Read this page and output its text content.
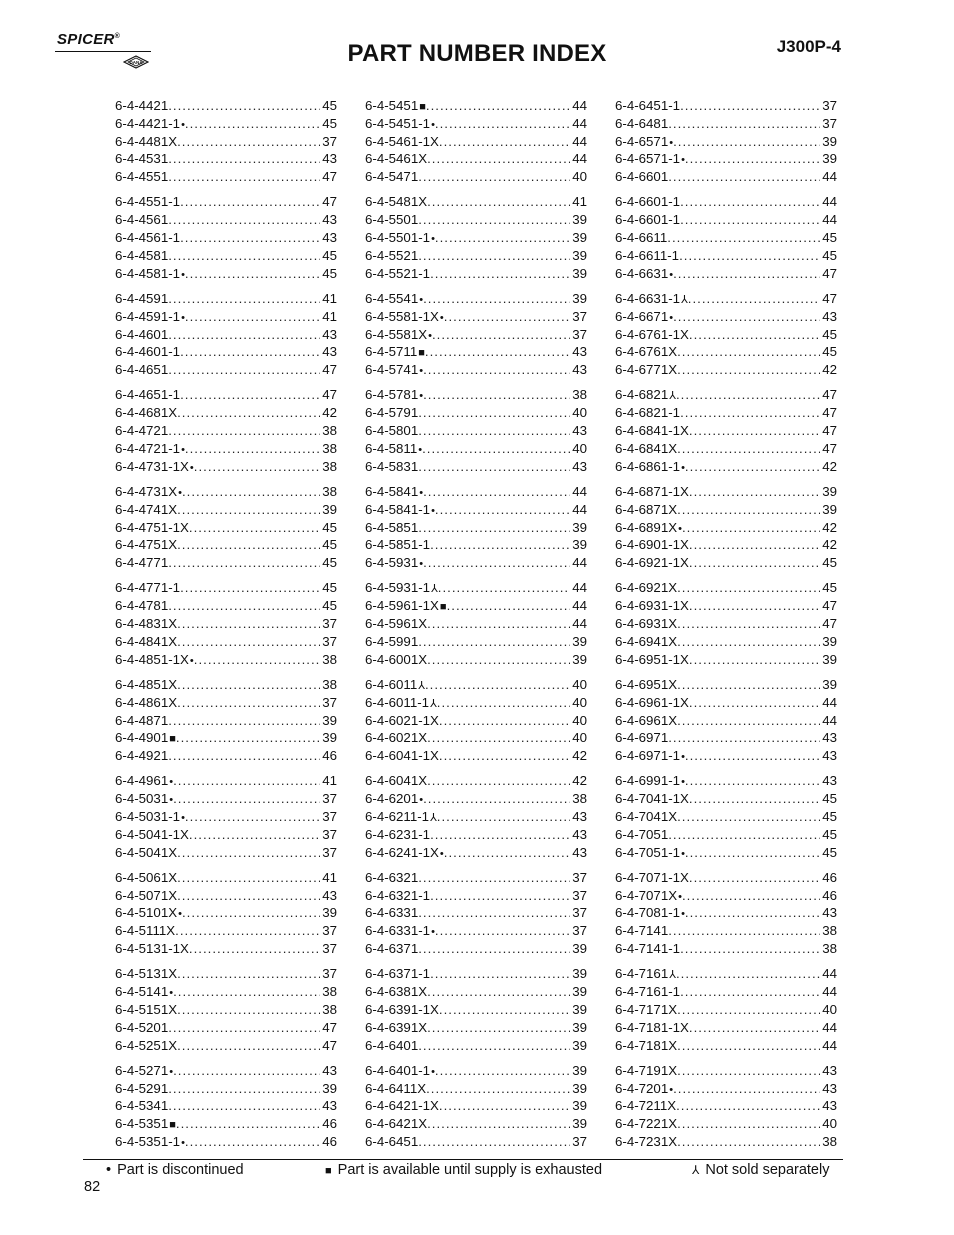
SPICER®
DANA	PART NUMBER INDEX	J300P-4
6-4-4421 . . .	45
6-4-4421-1 • . . .	45
6-4-4481X . . .	37
6-4-4531 . . .	43
6-4-4551 . . .	47
6-4-4551-1 . . .	47
6-4-4561 . . .	43
6-4-4561-1 . . .	43
6-4-4581 . . .	45
6-4-4581-1 • . . .	45
6-4-4591 . . .	41
6-4-4591-1 • . . .	41
6-4-4601 . . .	43
6-4-4601-1 . . .	43
6-4-4651 . . .	47
6-4-4651-1 . . .	47
6-4-4681X . . .	42
6-4-4721 . . .	38
6-4-4721-1 • . . .	38
6-4-4731-1X • . . .	38
6-4-4731X • . . .	38
6-4-4741X . . .	39
6-4-4751-1X . . .	45
6-4-4751X . . .	45
6-4-4771 . . .	45
6-4-4771-1 . . .	45
6-4-4781 . . .	45
6-4-4831X . . .	37
6-4-4841X . . .	37
6-4-4851-1X • . . .	38
6-4-4851X . . .	38
6-4-4861X . . .	37
6-4-4871 . . .	39
6-4-4901 ■ . . .	39
6-4-4921 . . .	46
6-4-4961 • . . .	41
6-4-5031 • . . .	37
6-4-5031-1 • . . .	37
6-4-5041-1X . . .	37
6-4-5041X . . .	37
6-4-5061X . . .	41
6-4-5071X . . .	43
6-4-5101X • . . .	39
6-4-5111X . . .	37
6-4-5131-1X . . .	37
6-4-5131X . . .	37
6-4-5141 • . . .	38
6-4-5151X . . .	38
6-4-5201 . . .	47
6-4-5251X . . .	47
6-4-5271 • . . .	43
6-4-5291 . . .	39
6-4-5341 . . .	43
6-4-5351 ■ . . .	46
6-4-5351-1 • . . .	46
6-4-5451 ■ . . .	44
6-4-5451-1 • . . .	44
6-4-5461-1X . . .	44
6-4-5461X . . .	44
6-4-5471 . . .	40
6-4-5481X . . .	41
6-4-5501 . . .	39
6-4-5501-1 • . . .	39
6-4-5521 . . .	39
6-4-5521-1 . . .	39
6-4-5541 • . . .	39
6-4-5581-1X • . . .	37
6-4-5581X • . . .	37
6-4-5711 ■ . . .	43
6-4-5741 • . . .	43
6-4-5781 • . . .	38
6-4-5791 . . .	40
6-4-5801 . . .	43
6-4-5811 • . . .	40
6-4-5831 . . .	43
6-4-5841 • . . .	44
6-4-5841-1 • . . .	44
6-4-5851 . . .	39
6-4-5851-1 . . .	39
6-4-5931 • . . .	44
6-4-5931-1 ⅄ . . .	44
6-4-5961-1X ■ . . .	44
6-4-5961X . . .	44
6-4-5991 . . .	39
6-4-6001X . . .	39
6-4-6011 ⅄ . . .	40
6-4-6011-1 ⅄ . . .	40
6-4-6021-1X . . .	40
6-4-6021X . . .	40
6-4-6041-1X . . .	42
6-4-6041X . . .	42
6-4-6201 • . . .	38
6-4-6211-1 ⅄ . . .	43
6-4-6231-1 . . .	43
6-4-6241-1X • . . .	43
6-4-6321 . . .	37
6-4-6321-1 . . .	37
6-4-6331 . . .	37
6-4-6331-1 • . . .	37
6-4-6371 . . .	39
6-4-6371-1 . . .	39
6-4-6381X . . .	39
6-4-6391-1X . . .	39
6-4-6391X . . .	39
6-4-6401 . . .	39
6-4-6401-1 • . . .	39
6-4-6411X . . .	39
6-4-6421-1X . . .	39
6-4-6421X . . .	39
6-4-6451 . . .	37
6-4-6451-1 . . .	37
6-4-6481 . . .	37
6-4-6571 • . . .	39
6-4-6571-1 • . . .	39
6-4-6601 . . .	44
6-4-6601-1 . . .	44
6-4-6601-1 . . .	44
6-4-6611 . . .	45
6-4-6611-1 . . .	45
6-4-6631 • . . .	47
6-4-6631-1 ⅄ . . .	47
6-4-6671 • . . .	43
6-4-6761-1X . . .	45
6-4-6761X . . .	45
6-4-6771X . . .	42
6-4-6821 ⅄ . . .	47
6-4-6821-1 . . .	47
6-4-6841-1X . . .	47
6-4-6841X . . .	47
6-4-6861-1 • . . .	42
6-4-6871-1X . . .	39
6-4-6871X . . .	39
6-4-6891X • . . .	42
6-4-6901-1X . . .	42
6-4-6921-1X . . .	45
6-4-6921X . . .	45
6-4-6931-1X . . .	47
6-4-6931X . . .	47
6-4-6941X . . .	39
6-4-6951-1X . . .	39
6-4-6951X . . .	39
6-4-6961-1X . . .	44
6-4-6961X . . .	44
6-4-6971 . . .	43
6-4-6971-1 • . . .	43
6-4-6991-1 • . . .	43
6-4-7041-1X . . .	45
6-4-7041X . . .	45
6-4-7051 . . .	45
6-4-7051-1 • . . .	45
6-4-7071-1X . . .	46
6-4-7071X • . . .	46
6-4-7081-1 • . . .	43
6-4-7141 . . .	38
6-4-7141-1 . . .	38
6-4-7161 ⅄ . . .	44
6-4-7161-1 . . .	44
6-4-7171X . . .	40
6-4-7181-1X . . .	44
6-4-7181X . . .	44
6-4-7191X . . .	43
6-4-7201 • . . .	43
6-4-7211X . . .	43
6-4-7221X . . .	40
6-4-7231X . . .	38
• Part is discontinued	■ Part is available until supply is exhausted	⅄ Not sold separately
82
